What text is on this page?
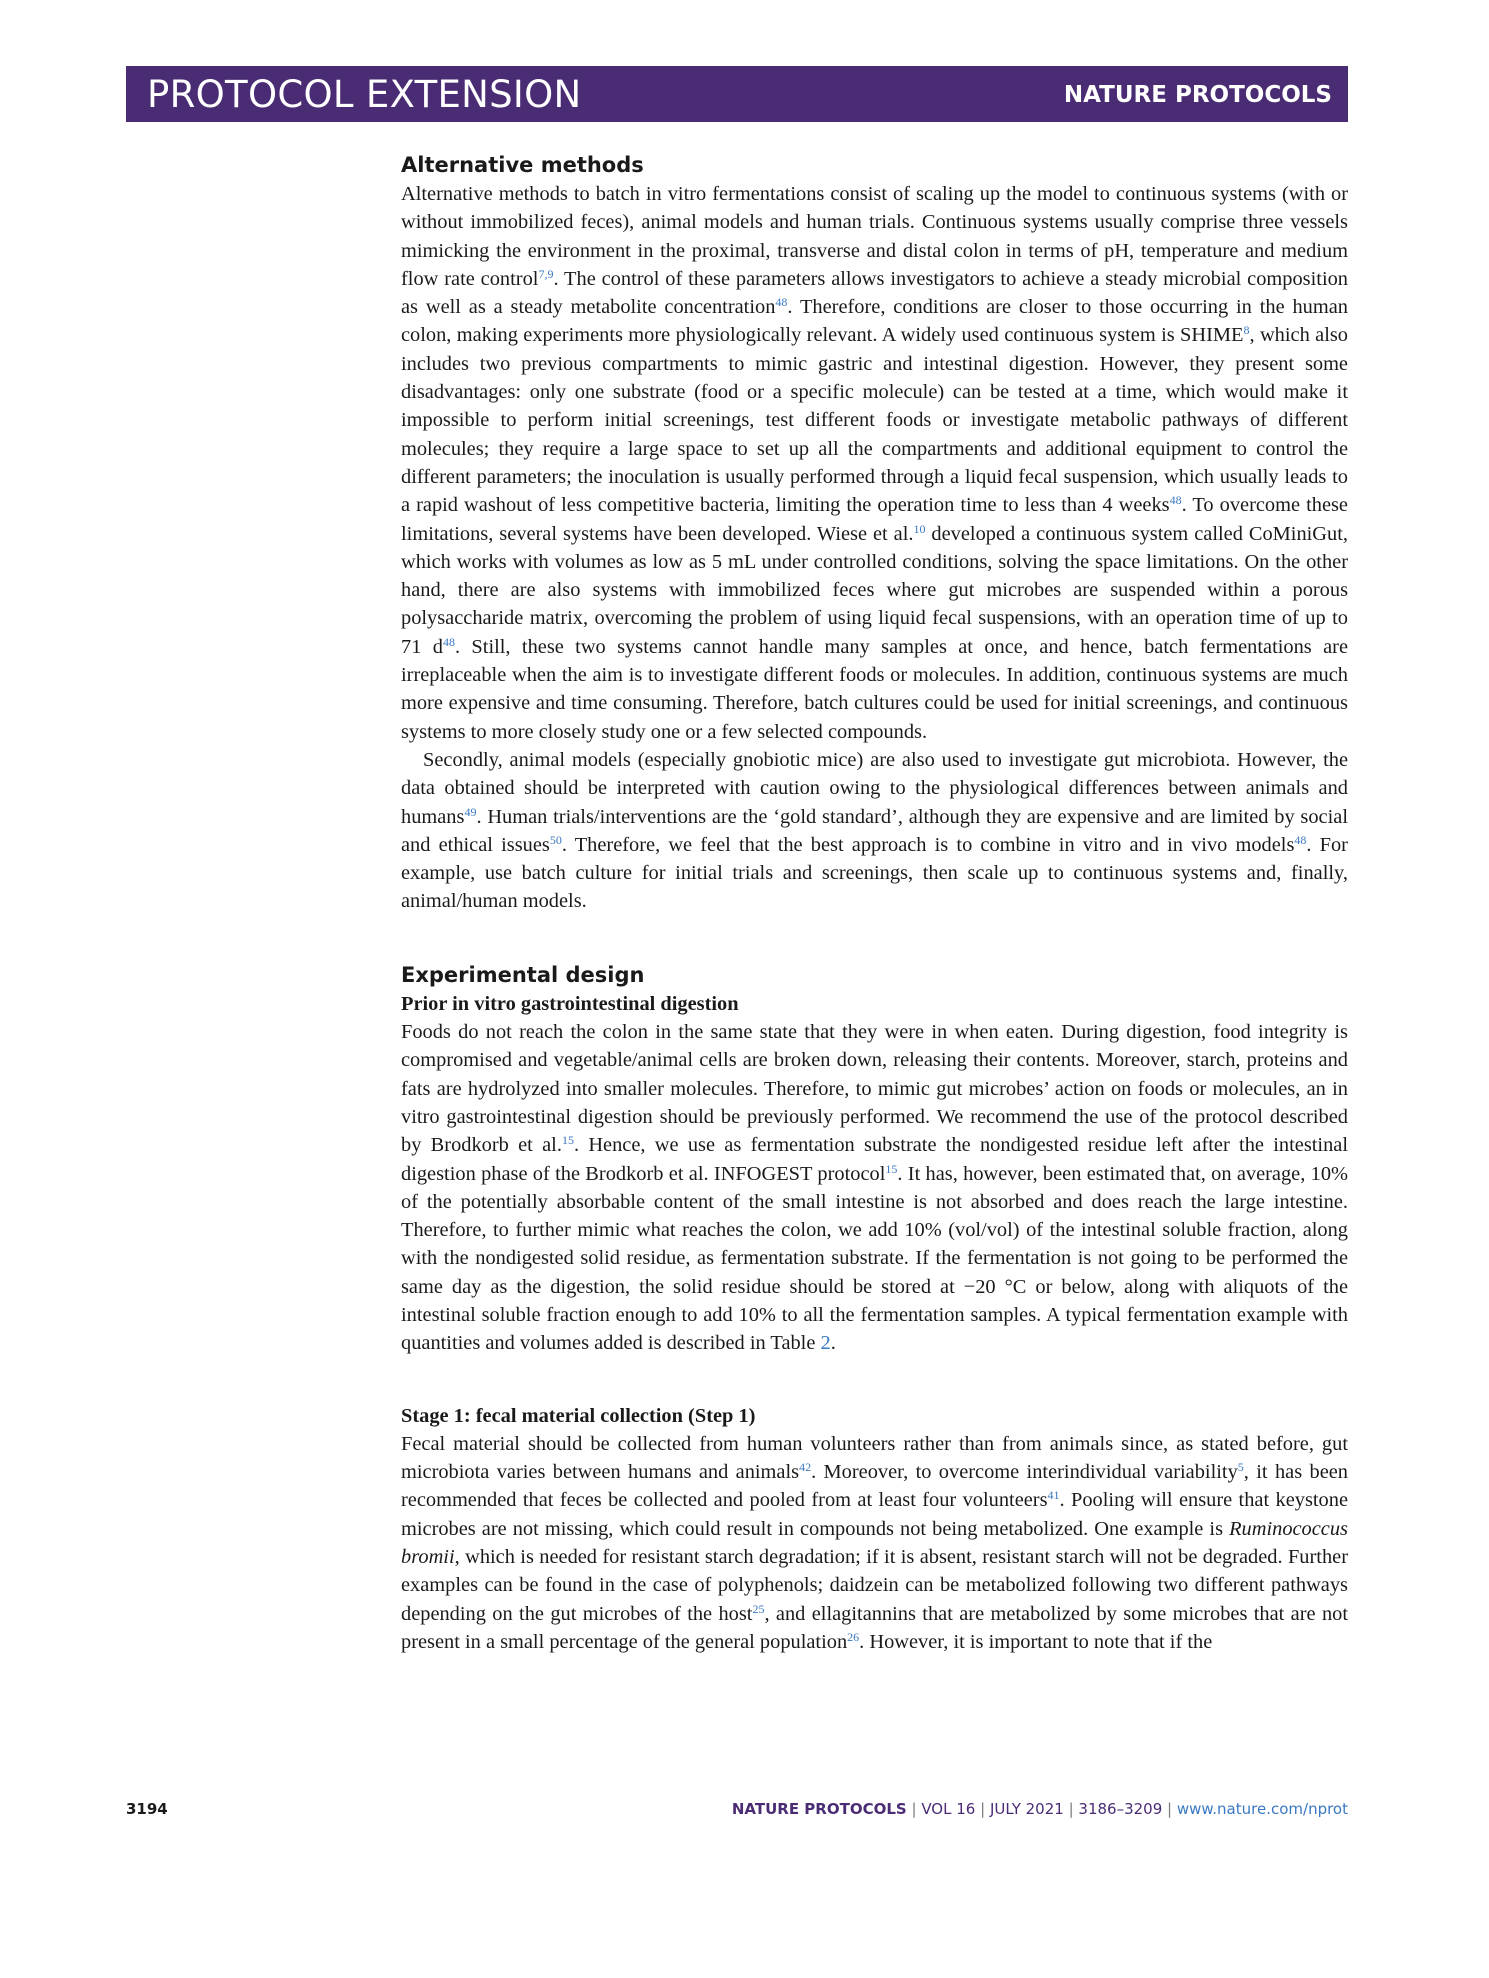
PROTOCOL EXTENSION	NATURE PROTOCOLS
Alternative methods

Alternative methods to batch in vitro fermentations consist of scaling up the model to continuous systems (with or without immobilized feces), animal models and human trials. Continuous systems usually comprise three vessels mimicking the environment in the proximal, transverse and distal colon in terms of pH, temperature and medium flow rate control$^{7,9}$. The control of these parameters allows investigators to achieve a steady microbial composition as well as a steady metabolite concentration$^{48}$. Therefore, conditions are closer to those occurring in the human colon, making experiments more physiologically relevant. A widely used continuous system is SHIME$^8$, which also includes two previous compartments to mimic gastric and intestinal digestion. However, they present some disadvantages: only one substrate (food or a specific molecule) can be tested at a time, which would make it impossible to perform initial screenings, test different foods or investigate metabolic pathways of different molecules; they require a large space to set up all the compartments and additional equipment to control the different parameters; the inoculation is usually performed through a liquid fecal suspension, which usually leads to a rapid washout of less competitive bacteria, limiting the operation time to less than 4 weeks$^{48}$. To overcome these limitations, several systems have been developed. Wiese et al.$^{10}$ developed a continuous system called CoMiniGut, which works with volumes as low as 5 mL under controlled conditions, solving the space limitations. On the other hand, there are also systems with immobilized feces where gut microbes are suspended within a porous polysaccharide matrix, overcoming the problem of using liquid fecal suspensions, with an operation time of up to 71 $d^{48}$. Still, these two systems cannot handle many samples at once, and hence, batch fermentations are irreplaceable when the aim is to investigate different foods or molecules. In addition, continuous systems are much more expensive and time consuming. Therefore, batch cultures could be used for initial screenings, and continuous systems to more closely study one or a few selected compounds.

Secondly, animal models (especially gnobiotic mice) are also used to investigate gut microbiota. However, the data obtained should be interpreted with caution owing to the physiological differences between animals and humans$^{49}$. Human trials/interventions are the ‘gold standard’, although they are expensive and are limited by social and ethical issues$^{50}$. Therefore, we feel that the best approach is to combine in vitro and in vivo models$^{48}$. For example, use batch culture for initial trials and screenings, then scale up to continuous systems and, finally, animal/human models.

Experimental design
Prior in vitro gastrointestinal digestion

Foods do not reach the colon in the same state that they were in when eaten. During digestion, food integrity is compromised and vegetable/animal cells are broken down, releasing their contents. Moreover, starch, proteins and fats are hydrolyzed into smaller molecules. Therefore, to mimic gut microbes’ action on foods or molecules, an in vitro gastrointestinal digestion should be previously performed. We recommend the use of the protocol described by Brodkorb et al.$^{15}$. Hence, we use as fermentation substrate the nondigested residue left after the intestinal digestion phase of the Brodkorb et al. INFOGEST protocol$^{15}$. It has, however, been estimated that, on average, 10% of the potentially absorbable content of the small intestine is not absorbed and does reach the large intestine. Therefore, to further mimic what reaches the colon, we add 10% (vol/vol) of the intestinal soluble fraction, along with the nondigested solid residue, as fermentation substrate. If the fermentation is not going to be performed the same day as the digestion, the solid residue should be stored at −20 °C or below, along with aliquots of the intestinal soluble fraction enough to add 10% to all the fermentation samples. A typical fermentation example with quantities and volumes added is described in Table 2.

Stage 1: fecal material collection (Step 1)

Fecal material should be collected from human volunteers rather than from animals since, as stated before, gut microbiota varies between humans and animals$^{42}$. Moreover, to overcome interindividual variability$^5$, it has been recommended that feces be collected and pooled from at least four volunteers$^{41}$. Pooling will ensure that keystone microbes are not missing, which could result in compounds not being metabolized. One example is Ruminococcus bromii, which is needed for resistant starch degradation; if it is absent, resistant starch will not be degraded. Further examples can be found in the case of polyphenols; daidzein can be metabolized following two different pathways depending on the gut microbes of the host$^{25}$, and ellagitannins that are metabolized by some microbes that are not present in a small percentage of the general population$^{26}$. However, it is important to note that if the

3194	NATURE PROTOCOLS | VOL 16 | JULY 2021 | 3186–3209 | www.nature.com/nprot
